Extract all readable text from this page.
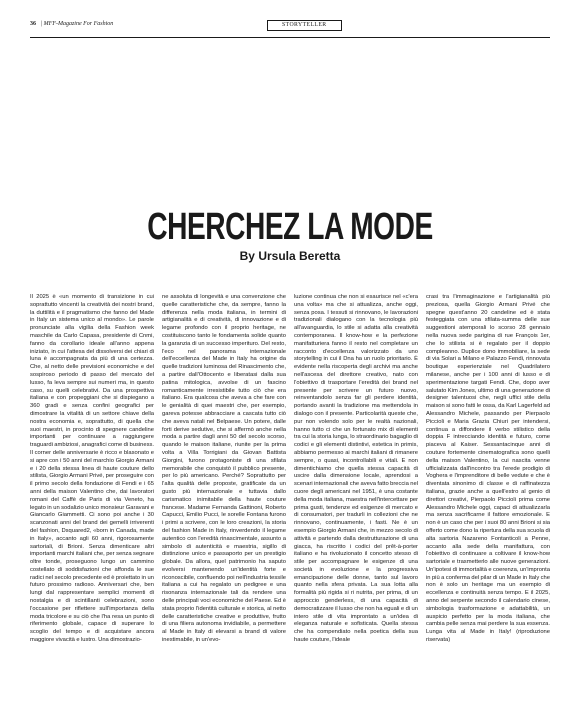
36 | MFF-Magazine For Fashion	STORYTELLER
CHERCHEZ LA MODE

By Ursula Beretta

Il 2025 è «un momento di transizione in cui soprattutto vincenti la creatività dei nostri brand, la duttilità e il pragmatismo che fanno del Made in Italy un sistema unico al mondo». Le parole pronunciate alla vigilia della Fashion week maschile da Carlo Capasa, presidente di Cnmi, fanno da corollario ideale all'anno appena iniziato, in cui l'attesa del dissolversi dei chiari di luna è accompagnata da più di una certezza. Che, al netto delle previsioni economiche e del sospiroso periodo di passo del mercato del lusso, fa leva sempre sui numeri ma, in questo caso, su quelli celebrativi. Da una prospettiva italiana e con propeggiani che si dispiegano a 360 gradi e senza confini geografici per dimostrare la vitalità di un settore chiave della nostra economia e, soprattutto, di quella che suoi maestri, in procinto di spegnere candeline importanti per continuare a raggiungere traguardi ambiziosi, anagrafici come di business. Il corner delle anniversarie è ricco e blasonato e si apre con i 50 anni del marchio Giorgio Armani e i 20 della stessa linea di haute couture dello stilista, Giorgio Armani Privé, per proseguire con il primo secolo della fondazione di Fendi e i 65 anni della maison Valentino che, dai lavoratori romani del Caffè de Paris di via Veneto, ha legato in un sodalizio unico monsieur Garavani e Giancarlo Giammetti. Ci sono poi anche i 30 scanzonati anni del brand dei gemelli irriverenti del fashion, Dsquared2, «born in Canada, made in Italy», accanto agli 60 anni, rigorosamente sartoriali, di Brioni. Senza dimenticare altri importanti marchi italiani che, per senza segnare oltre tonde, proseguono lungo un cammino costellato di soddisfazioni che affonda le sue radici nel secolo precedente ed è proiettato in un futuro prossimo radioso. Anniversari che, ben lungi dal rappresentare semplici momenti di nostalgia e di scintillanti celebrazioni, sono l'occasione per riflettere sull'importanza della moda tricolore e su ciò che l'ha resa un punto di riferimento globale, capace di superare lo scoglio del tempo e di acquistare ancora maggiore vivacità e lustro. Una dimostrazio-

ne assoluta di longevità e una convenzione che quelle caratteristiche che, da sempre, fanno la differenza nella moda italiana, in termini di artigianalità e di creatività, di innovazione e di legame profondo con il proprio heritage, ne costituiscono tanto le fondamenta solide quanto la garanzia di un successo imperituro. Del resto, l'eco nel panorama internazionale dell'eccellenza del Made in Italy ha origine da quelle tradizioni luminosa del Rinascimento che, a partire dall'Ottocento e liberatasi dalla sua patina mitologica, avvolse di un fascino romanticamente irresistibile tutto ciò che era italiano. Era qualcosa che aveva a che fare con le genialità di quei maestri che, per esempio, gareva potesse abbracciare a cascata tutto ciò che aveva natali nel Belpaese. Un potere, dalle forti derive sedutive, che si affermò anche nella moda a partire dagli anni 50 del secolo scorso, quando le maison italiane, riunite per la prima volta a Villa Torrigiani da Giovan Battista Giorgini, furono protagoniste di una sfilata memorabile che conquistò il pubblico presente, per lo più americano. Perché? Soprattutto per l'alta qualità delle proposte, gratificate da un gusto più internazionale e tuttavia dallo carismatico inimitabile della haute couture francese. Madame Fernanda Gattinoni, Roberto Capucci, Emilio Pucci, le sorelle Fontana furono i primi a scrivere, con le loro creazioni, la storia del fashion Made in Italy, rinverdendo il legame autentico con l'eredità rinascimentale, assunto a simbolo di autenticità e maestria, sigillo di distinzione unico e passaporto per un prestigio globale. Da allora, quel patrimonio ha saputo evolversi mantenendo un'identità forte e riconoscibile, confluendo poi nell'industria tessile italiana a cui ha regalato un pedigree e una risonanza internazionale tali da rendere una delle principali voci economiche del Paese. Ed è stata proprio l'identità culturale e storica, al netto delle caratteristiche creative e produttive, frutto di una filiera autonoma invidiabile, a permettere al Made in Italy di elevarsi a brand di valore inestimabile, in un'evo-

luzione continua che non si esaurisce nel «c'era una volta» ma che si attualizza, anche oggi, senza posa. I tessuti si rinnovano, le lavorazioni tradizionali dialogano con la tecnologia più all'avanguardia, lo stile si adatta alla creatività contemporanea. Il know-how e la perfezione manifatturiera fanno il resto nel completare un racconto d'eccellenza valorizzato da uno storytelling in cui il Dna ha un ruolo prioritario. È evidente nella riscoperta degli archivi ma anche nell'ascesa del direttore creativo, nato con l'obiettivo di trasportare l'eredità dei brand nel presente per scrivere un futuro nuovo, reinventandolo senza far gli perdere identità, portando avanti la tradizione ma mettendola in dialogo con il presente. Particolarità queste che, pur non volendo solo per le realtà nazionali, hanno tutto ci che un fortunato mix di elementi tra cui la storia lunga, lo straordinario bagaglio di codici e gli elementi distintivi, estetica in primis, abbiamo permesso ai marchi italiani di rimanere sempre, o quasi, incontrollabili e vitali. E non dimentichiamo che quella stessa capacità di uscire dalla dimensione locale, aprendosi a scenari internazionali che aveva fatto breccia nel cuore degli americani nel 1951, è una costante della moda italiana, maestra nell'intercettare per prima gusti, tendenze ed esigenze di mercato e di consumatori, per tradurli in collezioni che ne rinnovano, continuamente, i fasti. Ne è un esempio Giorgio Armani che, in mezzo secolo di attività e partendo dalla destrutturazione di una giacca, ha riscritto i codici del prêt-à-porter italiano e ha rivoluzionato il concetto stesso di stile per accompagnare le esigenze di una società in evoluzione e la progressiva emancipazione delle donne, tanto sul lavoro quanto nella sfera privata. La sua lotta alla formalità più rigida si ri nutrita, per prima, di un approccio genderless, di una capacità di democratizzare il lusso che non ha eguali e di un intero stile di vita improntato a un'idea di eleganza naturale e sofisticata. Quella stessa che ha compendiato nella poetica della sua haute couture, l'ideale

crasi tra l'immaginazione e l'artigianalità più preziosa, quella Giorgio Armani Privé che spegne quest'anno 20 candeline ed è stata festeggiata con una sfilata-summa delle sue suggestioni atemporali lo scorso 28 gennaio nella nuova sede parigina di rue François 1er, che lo stilista si è regalato per il doppio compleanno. Duplice dono immobiliare, la sede di via Solari a Milano e Palazzo Fendi, rinnovata boutique esperienziale nel Quadrilatero milanese, anche per i 100 anni di lusso e di sperimentazione targati Fendi. Che, dopo aver salutato Kim Jones, ultimo di una generazione di designer talentuosi che, negli uffici stile della maison si sono fatti le ossa, da Karl Lagerfeld ad Alessandro Michele, passando per Pierpaolo Piccioli e Maria Grazia Chiuri per intendersi, continua a diffondere il verbo stilistico della doppia F intrecciando identità e futuro, come piaceva al Kaiser. Sessantacinque anni di couture fortemente cinematografica sono quelli della maison Valentino, la cui nascita venne ufficializzata dall'incontro tra l'erede prodigio di Voghera e l'imprenditore di belle vedute e che è diventata sinonimo di classe e di raffinatezza italiana, grazie anche a quell'estro al genio di direttori creativi, Pierpaolo Piccioli prima come Alessandro Michele oggi, capaci di attualizzarla ma senza sacrificarne il fattore emozionale. E non è un caso che per i suoi 80 anni Brioni si sia offerto come dono la ripertura della sua scuola di alta sartoria Nazareno Fontanticoli a Penne, accanto alla sede della manifattura, con l'obiettivo di continuare a coltivare il know-how sartoriale e trasmetterlo alle nuove generazioni. Un'ipotesi di immortalità e coerenza, un'impronta in più a conferma del pilar di un Made in Italy che non è solo un heritage ma un esempio di eccellenza e continuità senza tempo. E il 2025, anno del serpente secondo il calendario cinese, simbologia trasformazione e adattabilità, un auspicio perfetto per la moda italiana, che cambia pelle senza mai perdere la sua essenza. Lunga vita al Made in Italy! (riproduzione riservata)
